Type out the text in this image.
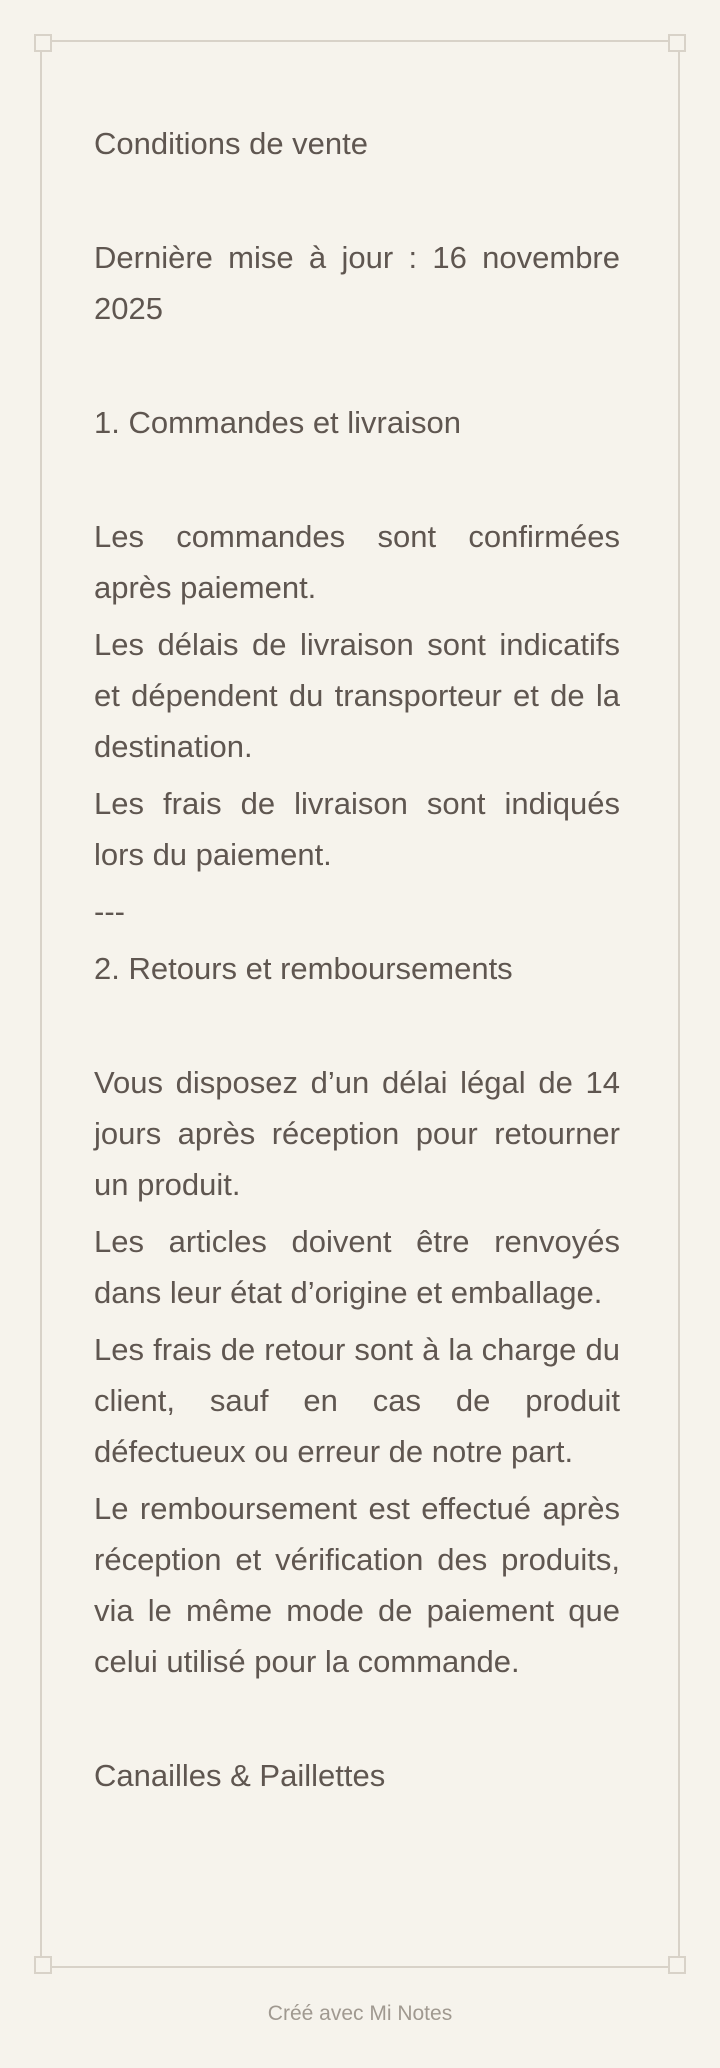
Conditions de vente

Dernière mise à jour : 16 novembre 2025

1. Commandes et livraison

Les commandes sont confirmées après paiement.

Les délais de livraison sont indicatifs et dépendent du transporteur et de la destination.

Les frais de livraison sont indiqués lors du paiement.

---

2. Retours et remboursements

Vous disposez d’un délai légal de 14 jours après réception pour retourner un produit.

Les articles doivent être renvoyés dans leur état d’origine et emballage.

Les frais de retour sont à la charge du client, sauf en cas de produit défectueux ou erreur de notre part.

Le remboursement est effectué après réception et vérification des produits, via le même mode de paiement que celui utilisé pour la commande.

Canailles & Paillettes

Créé avec Mi Notes
